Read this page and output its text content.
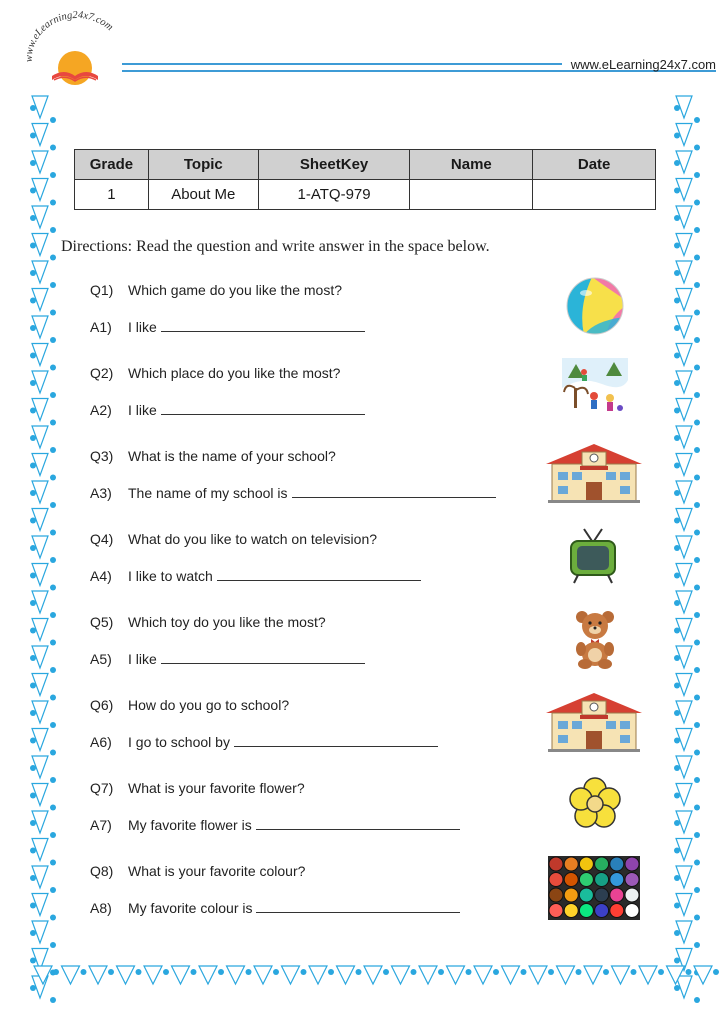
www.eLearning24x7.com
www.eLearning24x7.com
Grade	Topic	SheetKey	Name	Date
1	About Me	1-ATQ-979		
Directions: Read the question and write answer in the space below.
Q1) Which game do you like the most?
A1) I like
Q2) Which place do you like the most?
A2) I like
Q3) What is the name of your school?
A3) The name of my school is
Q4) What do you like to watch on television?
A4) I like to watch
Q5) Which toy do you like the most?
A5) I like
Q6) How do you go to school?
A6) I go to school by
Q7) What is your favorite flower?
A7) My favorite flower is
Q8) What is your favorite colour?
A8) My favorite colour is
